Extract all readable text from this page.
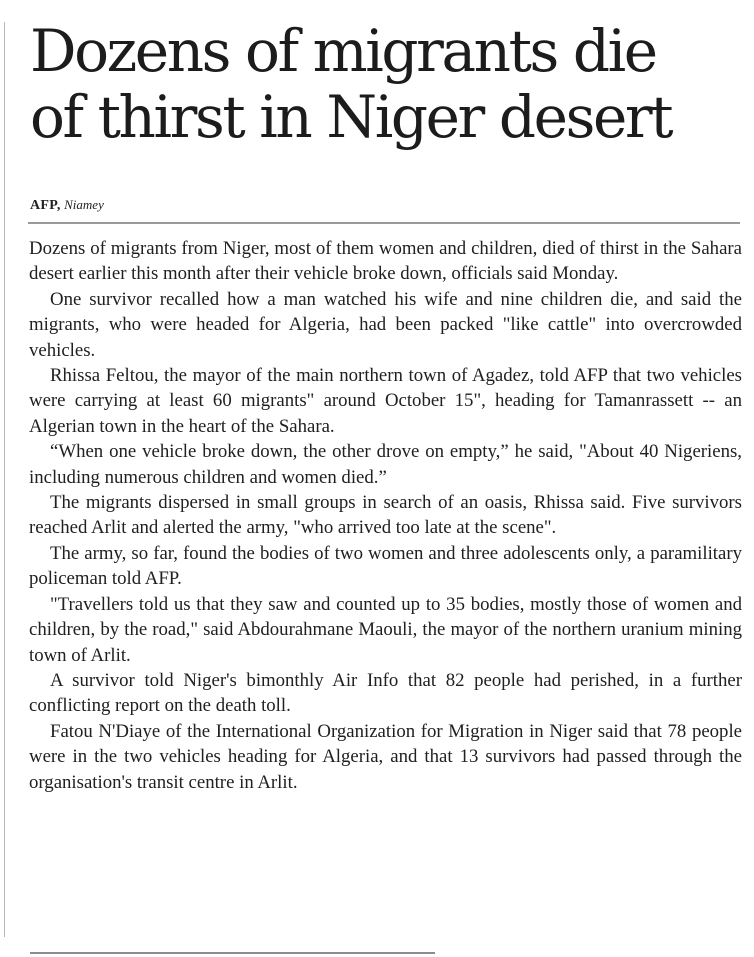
Dozens of migrants die
of thirst in Niger desert
AFP, Niamey

Dozens of migrants from Niger, most of them women and children, died of thirst in the Sahara desert earlier this month after their vehicle broke down, officials said Monday.

One survivor recalled how a man watched his wife and nine children die, and said the migrants, who were headed for Algeria, had been packed "like cattle" into overcrowded vehicles.

Rhissa Feltou, the mayor of the main northern town of Agadez, told AFP that two vehicles were carrying at least 60 migrants" around October 15", heading for Tamanrassett -- an Algerian town in the heart of the Sahara.

“When one vehicle broke down, the other drove on empty,” he said, "About 40 Nigeriens, including numerous children and women died.”

The migrants dispersed in small groups in search of an oasis, Rhissa said. Five survivors reached Arlit and alerted the army, "who arrived too late at the scene".

The army, so far, found the bodies of two women and three adolescents only, a paramilitary policeman told AFP.

"Travellers told us that they saw and counted up to 35 bodies, mostly those of women and children, by the road," said Abdourahmane Maouli, the mayor of the northern uranium mining town of Arlit.

A survivor told Niger's bimonthly Air Info that 82 people had perished, in a further conflicting report on the death toll.

Fatou N'Diaye of the International Organization for Migration in Niger said that 78 people were in the two vehicles heading for Algeria, and that 13 survivors had passed through the organisation's transit centre in Arlit.
